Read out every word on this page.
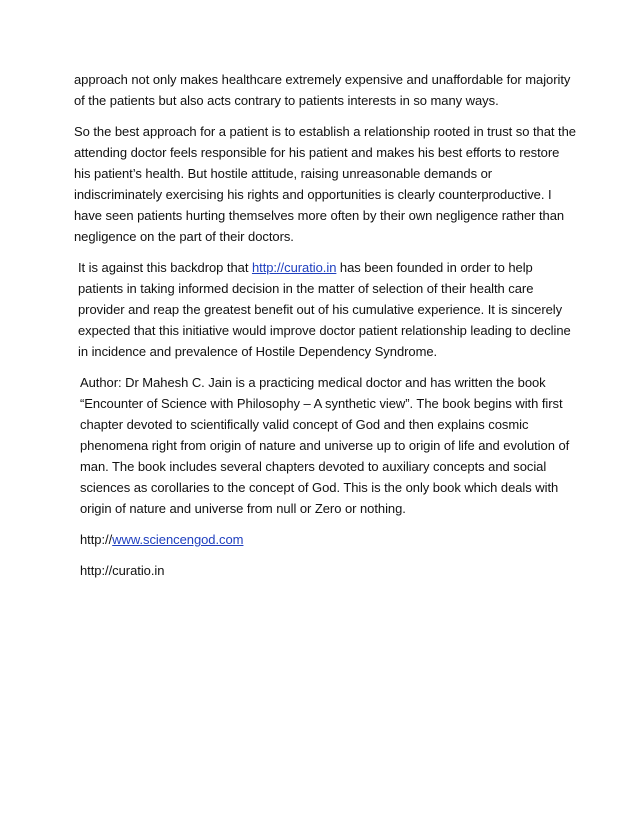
approach not only makes healthcare extremely expensive and unaffordable for majority of the patients but also acts contrary to patients interests in so many ways.

So the best approach for a patient is to establish a relationship rooted in trust so that the attending doctor feels responsible for his patient and makes his best efforts to restore his patient’s health. But hostile attitude, raising unreasonable demands or indiscriminately exercising his rights and opportunities is clearly counterproductive. I have seen patients hurting themselves more often by their own negligence rather than negligence on the part of their doctors.

It is against this backdrop that http://curatio.in has been founded in order to help patients in taking informed decision in the matter of selection of their health care provider and reap the greatest benefit out of his cumulative experience. It is sincerely expected that this initiative would improve doctor patient relationship leading to decline in incidence and prevalence of Hostile Dependency Syndrome.

Author: Dr Mahesh C. Jain is a practicing medical doctor and has written the book “Encounter of Science with Philosophy – A synthetic view”. The book begins with first chapter devoted to scientifically valid concept of God and then explains cosmic phenomena right from origin of nature and universe up to origin of life and evolution of man. The book includes several chapters devoted to auxiliary concepts and social sciences as corollaries to the concept of God. This is the only book which deals with origin of nature and universe from null or Zero or nothing.

http://www.sciencengod.com

http://curatio.in
